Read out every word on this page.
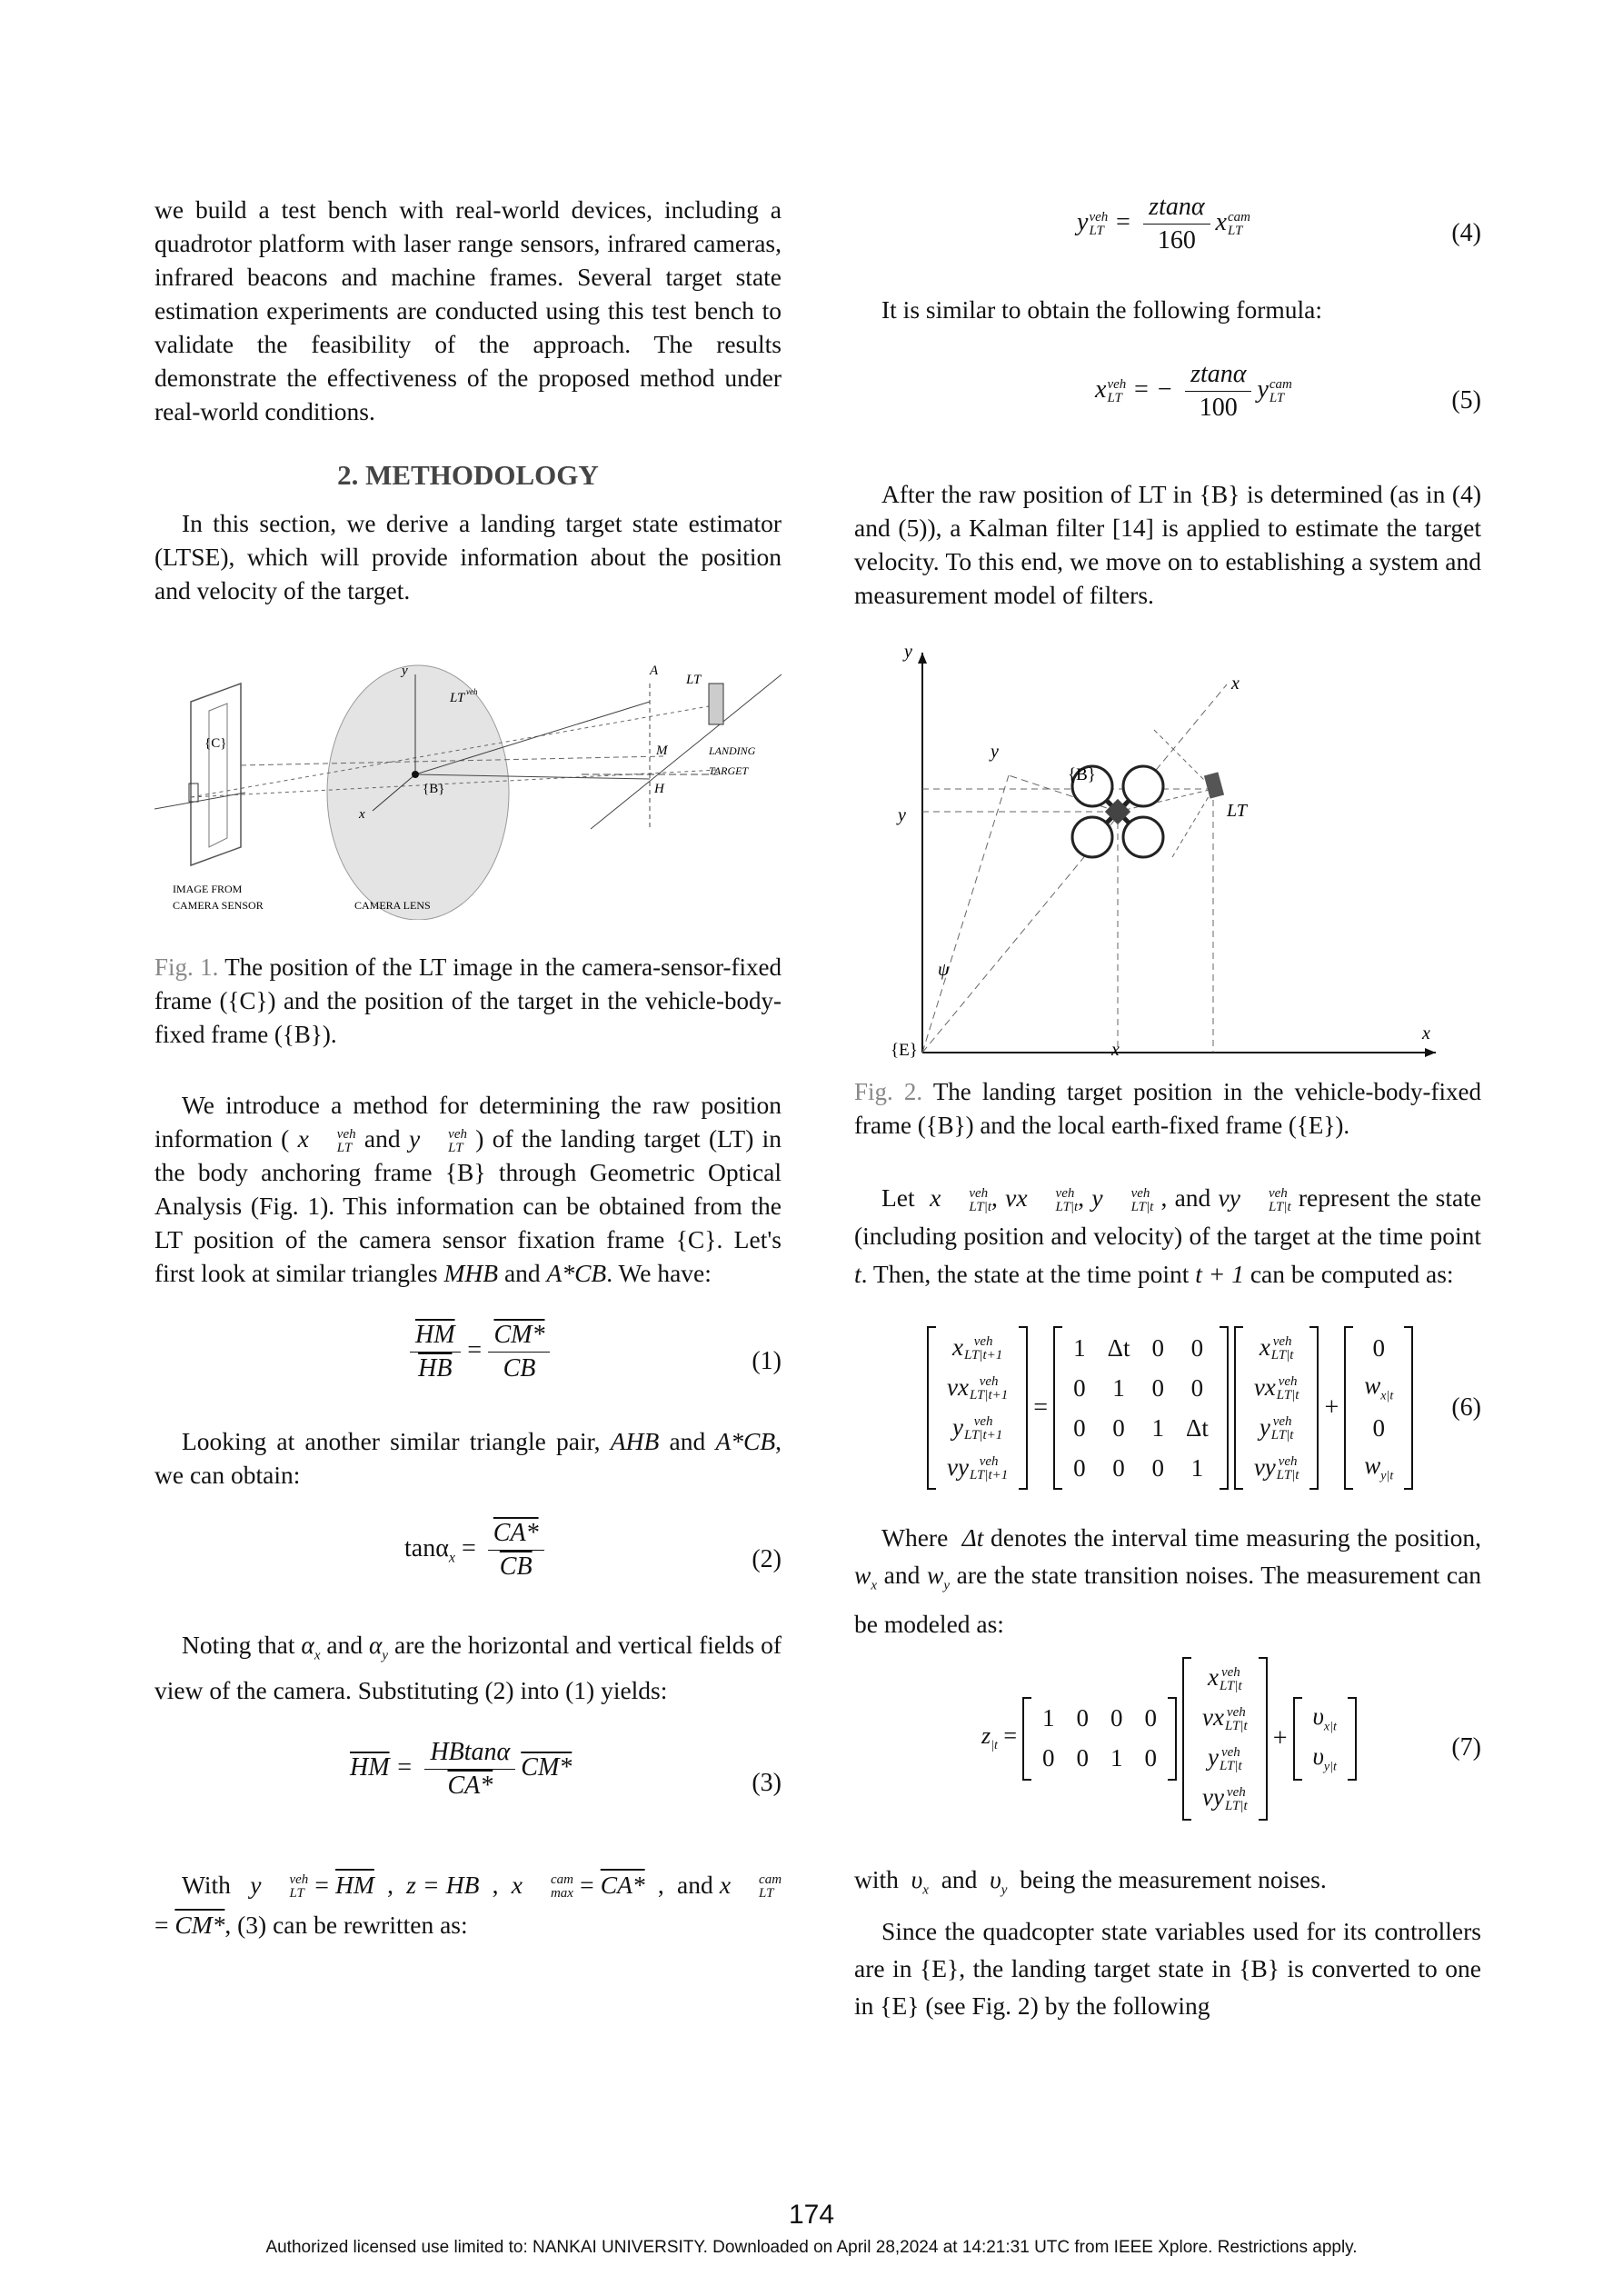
we build a test bench with real-world devices, including a quadrotor platform with laser range sensors, infrared cameras, infrared beacons and machine frames. Several target state estimation experiments are conducted using this test bench to validate the feasibility of the approach. The results demonstrate the effectiveness of the proposed method under real-world conditions.

2. METHODOLOGY

In this section, we derive a landing target state estimator (LTSE), which will provide information about the position and velocity of the target.

y
LT veh
A
LT
{C}
{B}
M
H
LANDING
TARGET
x
IMAGE FROM
CAMERA SENSOR	CAMERA LENS

Fig. 1. The position of the LT image in the camera-sensor-fixed frame ({C}) and the position of the target in the vehicle-body-fixed frame ({B}).

We introduce a method for determining the raw position information ( x	veh
LT and y	veh
LT ) of the landing target (LT) in the body anchoring frame {B} through Geometric Optical Analysis (Fig. 1). This information can be obtained from the LT position of the camera sensor fixation frame {C}. Let's first look at similar triangles MHB and A*CB. We have:

$\frac{\overline{HM}}{HB} = \frac{CM*}{CB}$	(1)

Looking at another similar triangle pair, AHB and A*CB, we can obtain:

$\tan\alpha_x = \frac{CA*}{CB}$	(2)

Noting that $\alpha_x$ and $\alpha_y$ are the horizontal and vertical fields of view of the camera. Substituting (2) into (1) yields:

$\overline{HM} = \frac{HBtan\alpha}{CA*} CM*$
(3)

With y	veh
LT = $\overline{HM}$  ,  z = HB  ,  x	cam
max = CA*  ,  and x	cam
LT
= CM*, (3) can be rewritten as:

y veh
LT = $\frac{ztan\alpha}{160}$ x cam
LT	(4)

It is similar to obtain the following formula:

x veh
LT = − $\frac{ztan\alpha}{100}$ y cam
LT	(5)

After the raw position of LT in {B} is determined (as in (4) and (5)), a Kalman filter [14] is applied to estimate the target velocity. To this end, we move on to establishing a system and measurement model of filters.

y
x
y
{B}
LT
y
ψ
{E}	x
x

Fig. 2. The landing target position in the vehicle-body-fixed frame ({B}) and the local earth-fixed frame ({E}).

Let x	veh
LT|t , vx	veh
LT|t , y	veh
LT|t , and vy	veh
LT|t represent the state (including position and velocity) of the target at the time point t. Then, the state at the time point t + 1 can be computed as:

x veh
LT|t+1

vx veh
LT|t+1

y veh
LT|t+1

vy veh
LT|t+1
=
1	Δt	0	0
0	1	0	0
0	0	1	Δt
0	0	0	1
x veh
LT|t

vx veh
LT|t

y veh
LT|t

vy veh
LT|t
+
0
$w_{x|t}$
0
$w_{y|t}$
(6)

Where Δt denotes the interval time measuring the position, $w_x$ and $w_y$ are the state transition noises. The measurement can be modeled as:

$z_{|t}$ =
1	0	0	0
0	0	1	0
x veh
LT|t

vx veh
LT|t

y veh
LT|t

vy veh
LT|t
+
$\upsilon_{x|t}$
$\upsilon_{y|t}$
(7)

with $\upsilon_x$ and $\upsilon_y$ being the measurement noises.

Since the quadcopter state variables used for its controllers are in {E}, the landing target state in {B} is converted to one in {E} (see Fig. 2) by the following

174
Authorized licensed use limited to: NANKAI UNIVERSITY. Downloaded on April 28,2024 at 14:21:31 UTC from IEEE Xplore. Restrictions apply.
